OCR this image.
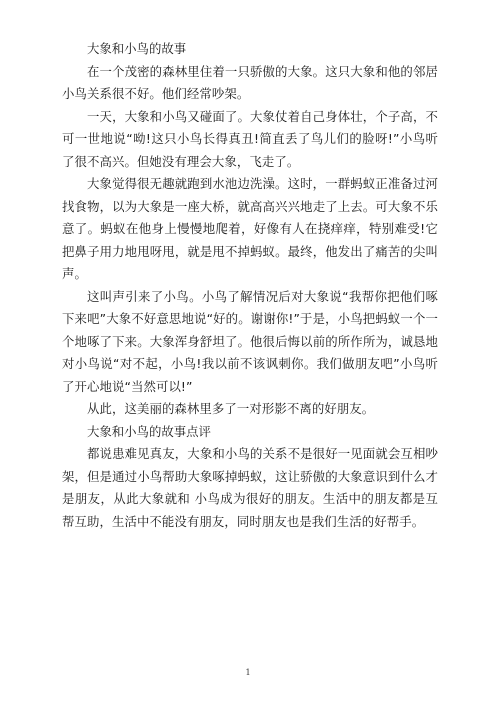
大象和小鸟的故事

在一个茂密的森林里住着一只骄傲的大象。这只大象和他的邻居小鸟关系很不好。他们经常吵架。

一天，大象和小鸟又碰面了。大象仗着自己身体壮，个子高，不可一世地说“呦!这只小鸟长得真丑!简直丢了鸟儿们的脸呀!”小鸟听了很不高兴。但她没有理会大象，飞走了。

大象觉得很无趣就跑到水池边洗澡。这时，一群蚂蚁正准备过河找食物，以为大象是一座大桥，就高高兴兴地走了上去。可大象不乐意了。蚂蚁在他身上慢慢地爬着，好像有人在挠痒痒，特别难受!它把鼻子用力地甩呀甩，就是甩不掉蚂蚁。最终，他发出了痛苦的尖叫声。

这叫声引来了小鸟。小鸟了解情况后对大象说“我帮你把他们啄下来吧”大象不好意思地说“好的。谢谢你!”于是，小鸟把蚂蚁一个一个地啄了下来。大象浑身舒坦了。他很后悔以前的所作所为，诚恳地对小鸟说“对不起，小鸟!我以前不该讽刺你。我们做朋友吧”小鸟听了开心地说“当然可以!”

从此，这美丽的森林里多了一对形影不离的好朋友。

大象和小鸟的故事点评

都说患难见真友，大象和小鸟的关系不是很好一见面就会互相吵架，但是通过小鸟帮助大象啄掉蚂蚁，这让骄傲的大象意识到什么才是朋友，从此大象就和 小鸟成为很好的朋友。生活中的朋友都是互帮互助，生活中不能没有朋友，同时朋友也是我们生活的好帮手。

1
